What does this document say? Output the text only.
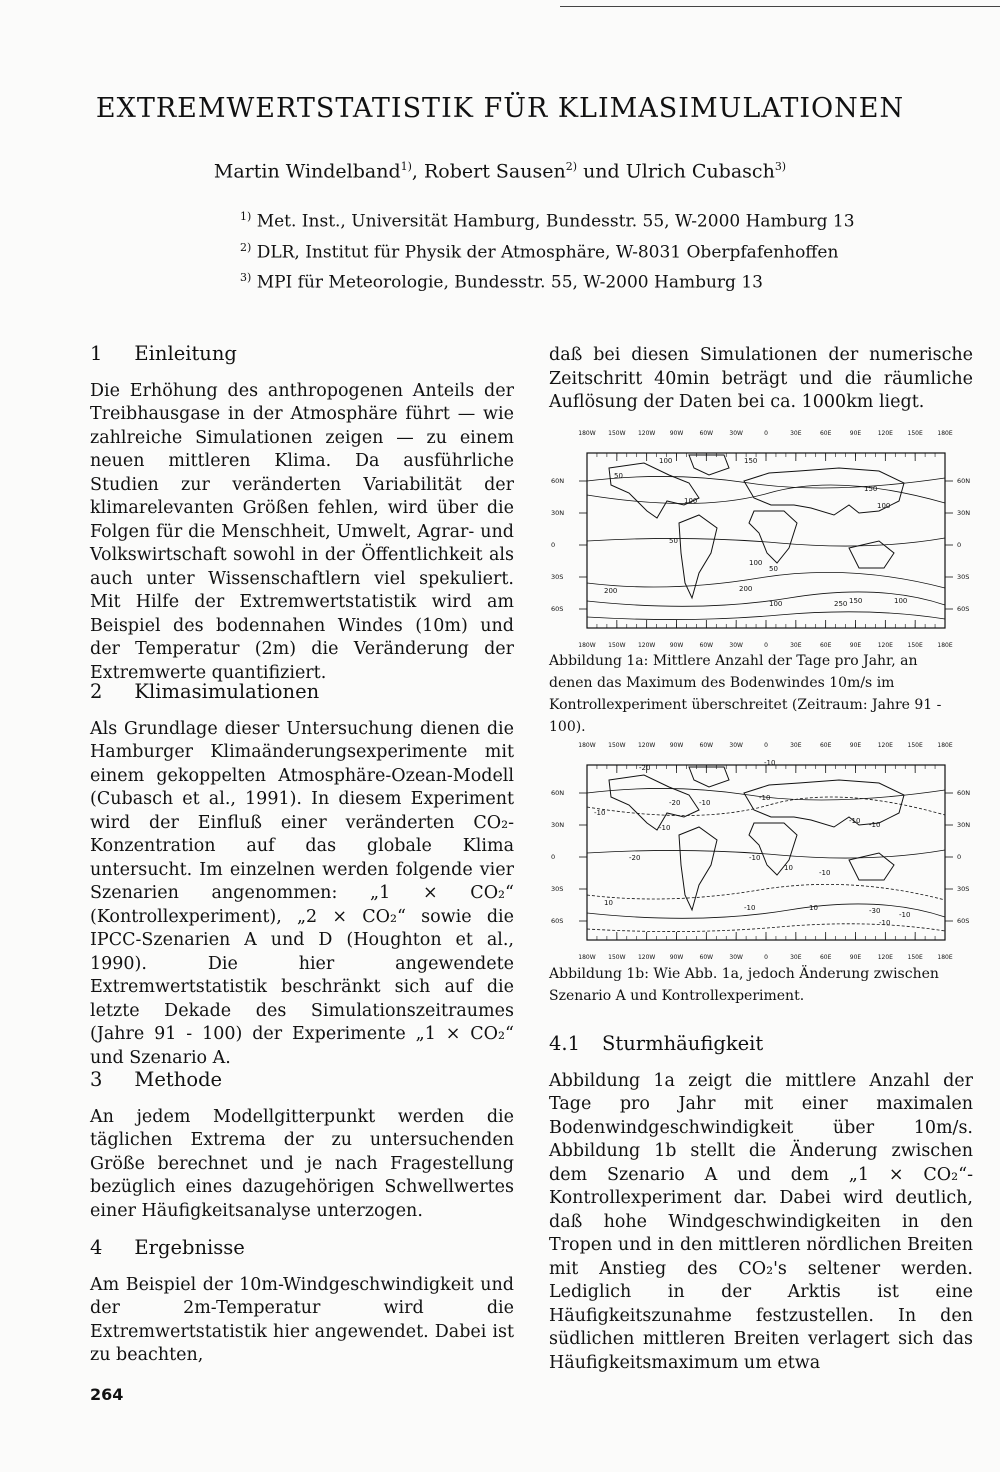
EXTREMWERTSTATISTIK FÜR KLIMASIMULATIONEN
Martin Windelband$^{1)}$, Robert Sausen$^{2)}$ und Ulrich Cubasch$^{3)}$
$^{1)}$ Met. Inst., Universität Hamburg, Bundesstr. 55, W-2000 Hamburg 13
$^{2)}$ DLR, Institut für Physik der Atmosphäre, W-8031 Oberpfafenhoffen
$^{3)}$ MPI für Meteorologie, Bundesstr. 55, W-2000 Hamburg 13
1 Einleitung

Die Erhöhung des anthropogenen Anteils der Treibhausgase in der Atmosphäre führt — wie zahlreiche Simulationen zeigen — zu einem neuen mittleren Klima. Da ausführliche Studien zur veränderten Variabilität der klimarelevanten Größen fehlen, wird über die Folgen für die Menschheit, Umwelt, Agrar- und Volkswirtschaft sowohl in der Öffentlichkeit als auch unter Wissenschaftlern viel spekuliert. Mit Hilfe der Extremwertstatistik wird am Beispiel des bodennahen Windes (10m) und der Temperatur (2m) die Veränderung der Extremwerte quantifiziert.

2 Klimasimulationen

Als Grundlage dieser Untersuchung dienen die Hamburger Klimaänderungsexperimente mit einem gekoppelten Atmosphäre-Ozean-Modell (Cubasch et al., 1991). In diesem Experiment wird der Einfluß einer veränderten CO₂-Konzentration auf das globale Klima untersucht. Im einzelnen werden folgende vier Szenarien angenommen: „1 × CO₂“ (Kontrollexperiment), „2 × CO₂“ sowie die IPCC-Szenarien A und D (Houghton et al., 1990). Die hier angewendete Extremwertstatistik beschränkt sich auf die letzte Dekade des Simulationszeitraumes (Jahre 91 - 100) der Experimente „1 × CO₂“ und Szenario A.

3 Methode

An jedem Modellgitterpunkt werden die täglichen Extrema der zu untersuchenden Größe berechnet und je nach Fragestellung bezüglich eines dazugehörigen Schwellwertes einer Häufigkeitsanalyse unterzogen.

4 Ergebnisse

Am Beispiel der 10m-Windgeschwindigkeit und der 2m-Temperatur wird die Extremwertstatistik hier angewendet. Dabei ist zu beachten,

daß bei diesen Simulationen der numerische Zeitschritt 40min beträgt und die räumliche Auflösung der Daten bei ca. 1000km liegt.

180W
180W
150W
150W
120W
120W
90W
90W
60W
60W
30W
30W
0
0
30E
30E
60E
60E
90E
90E
120E
120E
150E
150E
180E
180E
60N	60N
30N	30N
0	0
30S	30S
60S	60S
100	150
50
100
150
100
50
100
50
200	200
100	150
250	100
Abbildung 1a: Mittlere Anzahl der Tage pro Jahr, an denen das Maximum des Bodenwindes 10m/s im Kontrollexperiment überschreitet (Zeitraum: Jahre 91 - 100).
180W
180W
150W
150W
120W
120W
90W
90W
60W
60W
30W
30W
0
0
30E
30E
60E
60E
90E
90E
120E
120E
150E
150E
180E
180E
60N	60N
30N	30N
0	0
30S	30S
60S	60S
-20
-10
-20
-10
-10
-10
-10
-10
-20
-10 -10
10
-10
-30
10
-10	10
-10
-10
Abbildung 1b: Wie Abb. 1a, jedoch Änderung zwischen Szenario A und Kontrollexperiment.
4.1 Sturmhäufigkeit

Abbildung 1a zeigt die mittlere Anzahl der Tage pro Jahr mit einer maximalen Bodenwindgeschwindigkeit über 10m/s. Abbildung 1b stellt die Änderung zwischen dem Szenario A und dem „1 × CO₂“-Kontrollexperiment dar. Dabei wird deutlich, daß hohe Windgeschwindigkeiten in den Tropen und in den mittleren nördlichen Breiten mit Anstieg des CO₂'s seltener werden. Lediglich in der Arktis ist eine Häufigkeitszunahme festzustellen. In den südlichen mittleren Breiten verlagert sich das Häufigkeitsmaximum um etwa

264
